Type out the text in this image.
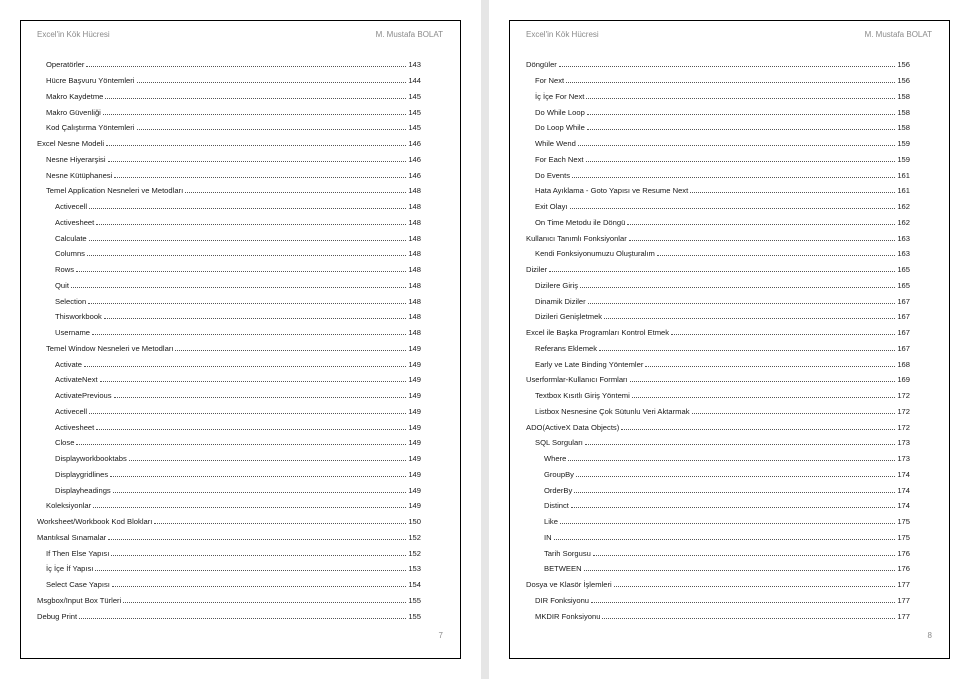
Excel'in Kök Hücresi	M. Mustafa BOLAT
Operatörler	143
Hücre Başvuru Yöntemleri	144
Makro Kaydetme	145
Makro Güvenliği	145
Kod Çalıştırma Yöntemleri	145
Excel Nesne Modeli	146
Nesne Hiyerarşisi	146
Nesne Kütüphanesi	146
Temel Application Nesneleri ve Metodları	148
Activecell	148
Activesheet	148
Calculate	148
Columns	148
Rows	148
Quit	148
Selection	148
Thisworkbook	148
Username	148
Temel Window Nesneleri ve Metodları	149
Activate	149
ActivateNext	149
ActivatePrevious	149
Activecell	149
Activesheet	149
Close	149
Displayworkbooktabs	149
Displaygridlines	149
Displayheadings	149
Koleksiyonlar	149
Worksheet/Workbook Kod Blokları	150
Mantıksal Sınamalar	152
If Then Else Yapısı	152
İç İçe İf Yapısı	153
Select Case Yapısı	154
Msgbox/Input Box Türleri	155
Debug Print	155
7
Excel'in Kök Hücresi	M. Mustafa BOLAT
Döngüler	156
For Next	156
İç İçe For Next	158
Do While Loop	158
Do Loop While	158
While Wend	159
For Each Next	159
Do Events	161
Hata Ayıklama - Goto Yapısı ve Resume Next	161
Exit Olayı	162
On Time Metodu ile Döngü	162
Kullanıcı Tanımlı Fonksiyonlar	163
Kendi Fonksiyonumuzu Oluşturalım	163
Diziler	165
Dizilere Giriş	165
Dinamik Diziler	167
Dizileri Genişletmek	167
Excel ile Başka Programları Kontrol Etmek	167
Referans Eklemek	167
Early ve Late Binding Yöntemler	168
Userformlar-Kullanıcı Formları	169
Textbox Kısıtlı Giriş Yöntemi	172
Listbox Nesnesine Çok Sütunlu Veri Aktarmak	172
ADO(ActiveX Data Objects)	172
SQL Sorguları	173
Where	173
GroupBy	174
OrderBy	174
Distinct	174
Like	175
IN	175
Tarih Sorgusu	176
BETWEEN	176
Dosya ve Klasör İşlemleri	177
DIR Fonksiyonu	177
MKDIR Fonksiyonu	177
8
